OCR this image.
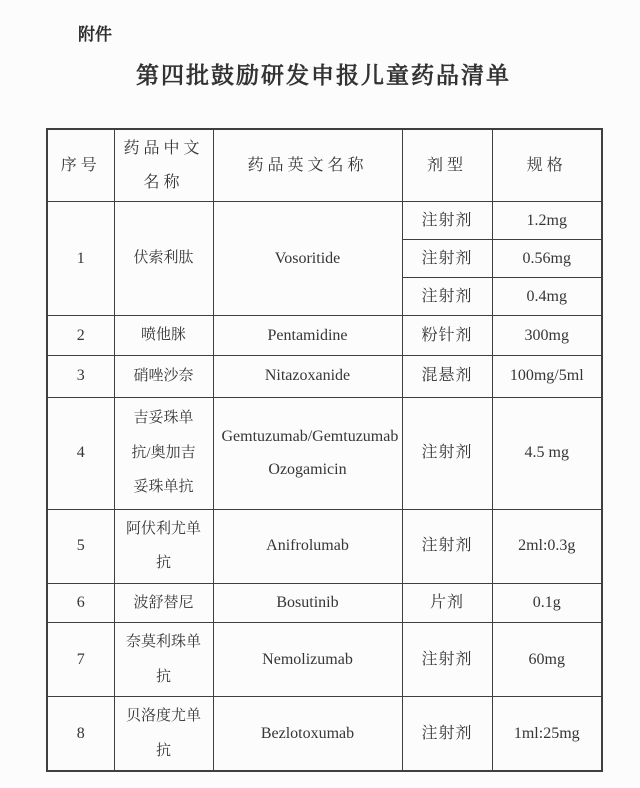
附件
第四批鼓励研发申报儿童药品清单
序号	药品中文名称	药品英文名称	剂型	规格
1	伏索利肽	Vosoritide	注射剂	1.2mg
			注射剂	0.56mg
			注射剂	0.4mg
2	喷他脒	Pentamidine	粉针剂	300mg
3	硝唑沙奈	Nitazoxanide	混悬剂	100mg/5ml
4	吉妥珠单抗/奥加吉妥珠单抗	Gemtuzumab/Gemtuzumab Ozogamicin	注射剂	4.5 mg
5	阿伏利尤单抗	Anifrolumab	注射剂	2ml:0.3g
6	波舒替尼	Bosutinib	片剂	0.1g
7	奈莫利珠单抗	Nemolizumab	注射剂	60mg
8	贝洛度尤单抗	Bezlotoxumab	注射剂	1ml:25mg
